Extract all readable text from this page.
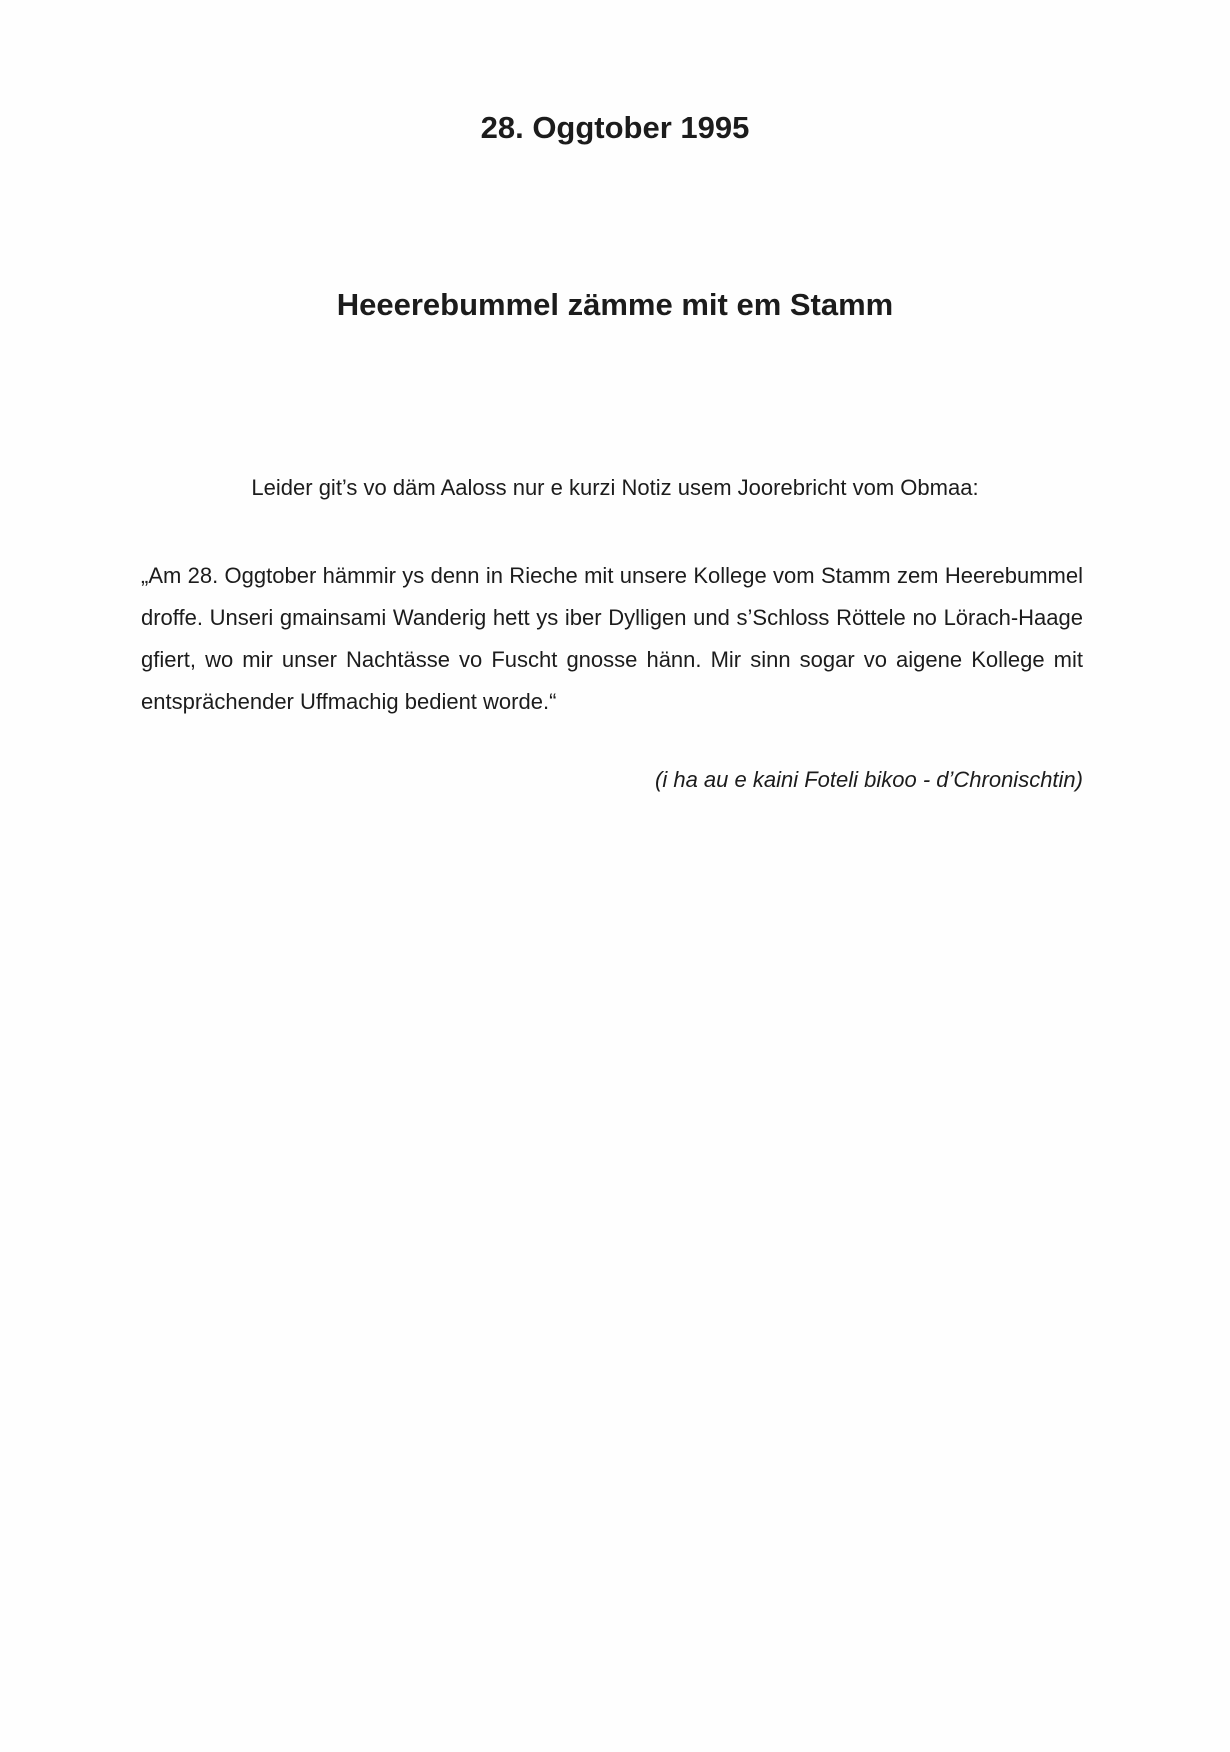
28. Oggtober 1995
Heeerebummel zämme mit em Stamm

Leider git’s vo däm Aaloss nur e kurzi Notiz usem Joorebricht vom Obmaa:

„Am 28. Oggtober hämmir ys denn in Rieche mit unsere Kollege vom Stamm zem Heerebummel droffe. Unseri gmainsami Wanderig hett ys iber Dylligen und s’Schloss Röttele no Lörach-Haage gfiert, wo mir unser Nachtässe vo Fuscht gnosse hänn. Mir sinn sogar vo aigene Kollege mit entsprächender Uffmachig bedient worde.“

(i ha au e kaini Foteli bikoo - d’Chronischtin)
